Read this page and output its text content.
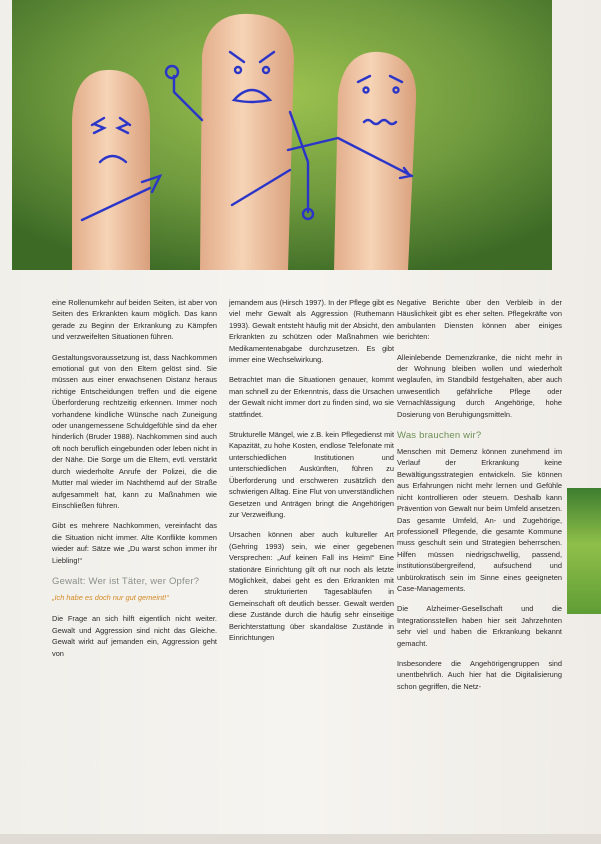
eine Rollenumkehr auf beiden Seiten, ist aber von Seiten des Erkrankten kaum möglich. Das kann gerade zu Beginn der Erkrankung zu Kämpfen und verzweifelten Situationen führen.

Gestaltungsvoraussetzung ist, dass Nachkommen emotional gut von den Eltern gelöst sind. Sie müssen aus einer erwachsenen Distanz heraus richtige Entscheidungen treffen und die eigene Überforderung rechtzeitig erkennen. Immer noch vorhandene kindliche Wünsche nach Zuneigung oder unangemessene Schuldgefühle sind da eher hinderlich (Bruder 1988). Nachkommen sind auch oft noch beruflich eingebunden oder leben nicht in der Nähe. Die Sorge um die Eltern, evtl. verstärkt durch wiederholte Anrufe der Polizei, die die Mutter mal wieder im Nachthemd auf der Straße aufgesammelt hat, kann zu Maßnahmen wie Einschließen führen.

Gibt es mehrere Nachkommen, vereinfacht das die Situation nicht immer. Alte Konflikte kommen wieder auf: Sätze wie „Du warst schon immer ihr Liebling!“

Gewalt: Wer ist Täter, wer Opfer?
„Ich habe es doch nur gut gemeint!“

Die Frage an sich hilft eigentlich nicht weiter. Gewalt und Aggression sind nicht das Gleiche. Gewalt wirkt auf jemanden ein, Aggression geht von

jemandem aus (Hirsch 1997). In der Pflege gibt es viel mehr Gewalt als Aggression (Ruthemann 1993). Gewalt entsteht häufig mit der Absicht, den Erkrankten zu schützen oder Maßnahmen wie Medikamentenabgabe durchzusetzen. Es gibt immer eine Wechselwirkung.

Betrachtet man die Situationen genauer, kommt man schnell zu der Erkenntnis, dass die Ursachen der Gewalt nicht immer dort zu finden sind, wo sie stattfindet.

Strukturelle Mängel, wie z.B. kein Pflegedienst mit Kapazität, zu hohe Kosten, endlose Telefonate mit unterschiedlichen Institutionen und unterschiedlichen Auskünften, führen zu Überforderung und erschweren zusätzlich den schwierigen Alltag. Eine Flut von unverständlichen Gesetzen und Anträgen bringt die Angehörigen zur Verzweiflung.

Ursachen können aber auch kultureller Art (Gehring 1993) sein, wie einer gegebenen Versprechen: „Auf keinen Fall ins Heim!“ Eine stationäre Einrichtung gilt oft nur noch als letzte Möglichkeit, dabei geht es den Erkrankten mit deren strukturierten Tagesabläufen in Gemeinschaft oft deutlich besser. Gewalt werden diese Zustände durch die häufig sehr einseitige Berichterstattung über skandalöse Zustände in Einrichtungen

Negative Berichte über den Verbleib in der Häuslichkeit gibt es eher selten. Pflegekräfte von ambulanten Diensten können aber einiges berichten:

Alleinlebende Demenzkranke, die nicht mehr in der Wohnung bleiben wollen und wiederholt weglaufen, im Standbild festgehalten, aber auch unwesentlich gefährliche Pflege oder Vernachlässigung durch Angehörige, hohe Dosierung von Beruhigungsmitteln.

Was brauchen wir?

Menschen mit Demenz können zunehmend im Verlauf der Erkrankung keine Bewältigungsstrategien entwickeln. Sie können aus Erfahrungen nicht mehr lernen und Gefühle nicht kontrollieren oder steuern. Deshalb kann Prävention von Gewalt nur beim Umfeld ansetzen. Das gesamte Umfeld, An- und Zugehörige, professionell Pflegende, die gesamte Kommune muss geschult sein und Strategien beherrschen. Hilfen müssen niedrigschwellig, passend, institutionsübergreifend, aufsuchend und unbürokratisch sein im Sinne eines geeigneten Case-Managements.

Die Alzheimer-Gesellschaft und die Integrationsstellen haben hier seit Jahrzehnten sehr viel und haben die Erkrankung bekannt gemacht.

Insbesondere die Angehörigengruppen sind unentbehrlich. Auch hier hat die Digitalisierung schon gegriffen, die Netz-
